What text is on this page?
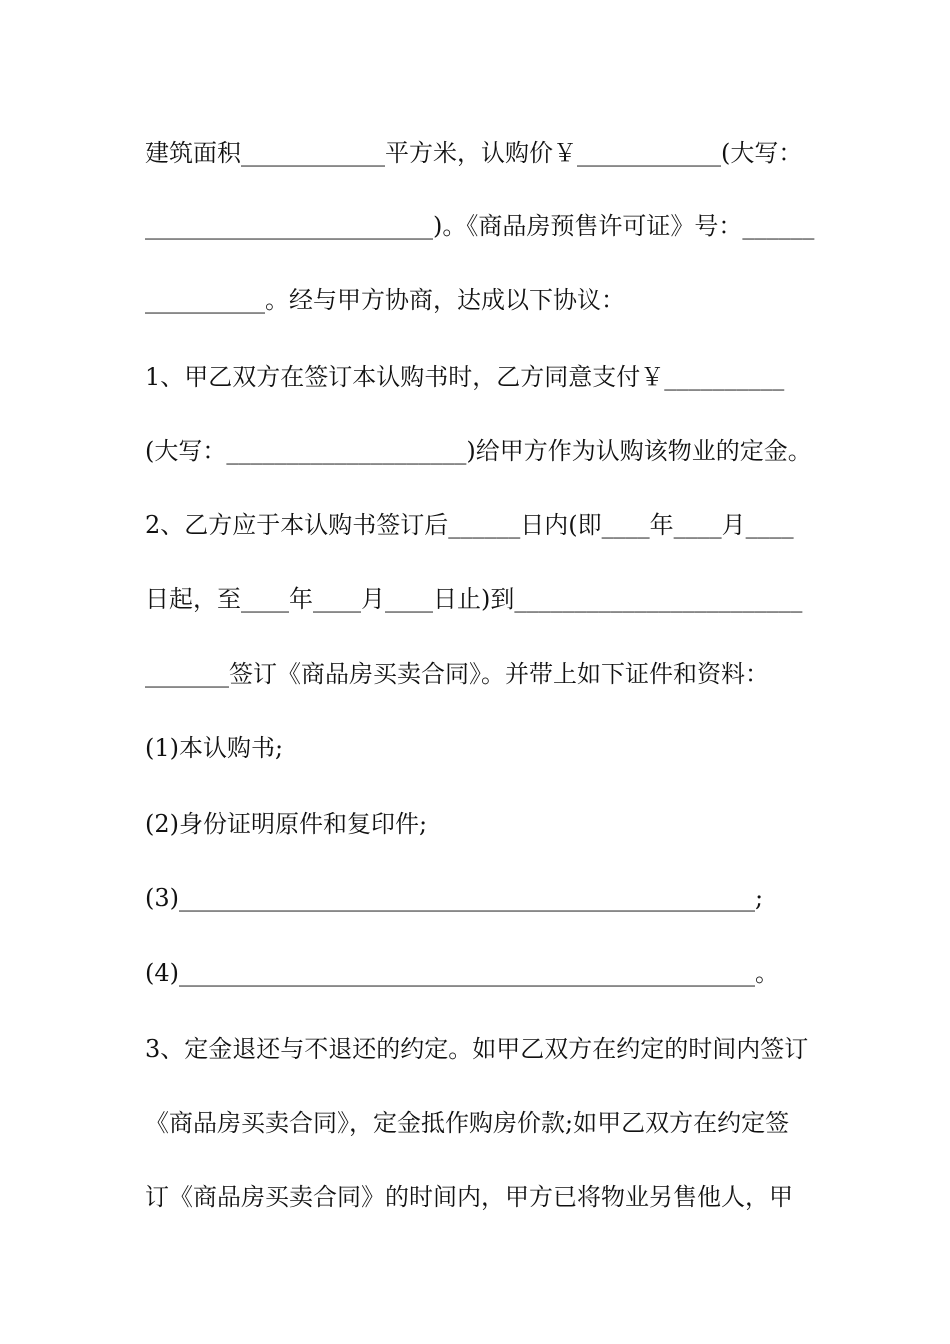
建筑面积____________平方米，认购价￥____________(大写：

________________________)。《商品房预售许可证》号：______

__________。经与甲方协商，达成以下协议：

1、甲乙双方在签订本认购书时，乙方同意支付￥__________

(大写：____________________)给甲方作为认购该物业的定金。

2、乙方应于本认购书签订后______日内(即____年____月____

日起，至____年____月____日止)到________________________

_______签订《商品房买卖合同》。并带上如下证件和资料：

(1)本认购书;

(2)身份证明原件和复印件;

(3)________________________________________________;

(4)________________________________________________。

3、定金退还与不退还的约定。如甲乙双方在约定的时间内签订

《商品房买卖合同》，定金抵作购房价款;如甲乙双方在约定签

订《商品房买卖合同》的时间内，甲方已将物业另售他人，甲
